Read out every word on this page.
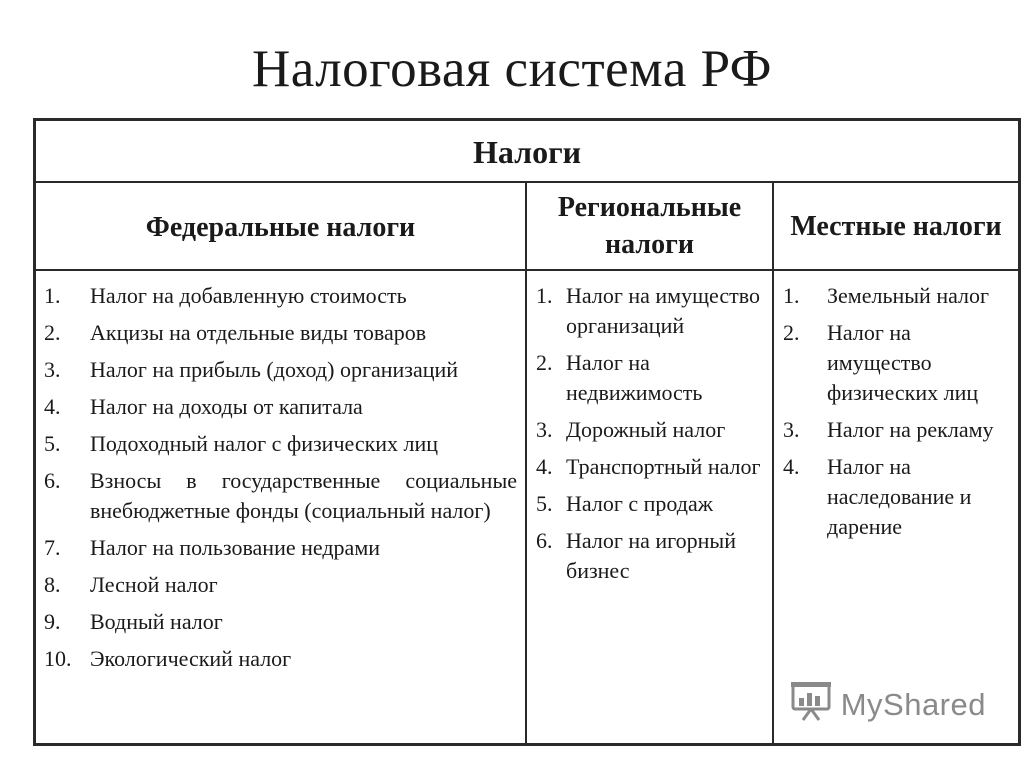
Налоговая система РФ
Налоги
Федеральные налоги
1.	Налог на добавленную стоимость
2.	Акцизы на отдельные виды товаров
3.	Налог на прибыль (доход) организаций
4.	Налог на доходы от капитала
5.	Подоходный налог с физических лиц
6.	Взносы в государственные социальные внебюджетные фонды (социальный налог)
7.	Налог на пользование недрами
8.	Лесной налог
9.	Водный налог
10. Экологический налог
Региональные налоги
1. Налог на имущество организаций
2. Налог на недвижимость
3. Дорожный налог
4. Транспортный налог
5. Налог с продаж
6. Налог на игорный бизнес
Местные налоги
1.	Земельный налог
2.	Налог на имущество физических лиц
3.	Налог на рекламу
4.	Налог на наследование и дарение
MyShared
